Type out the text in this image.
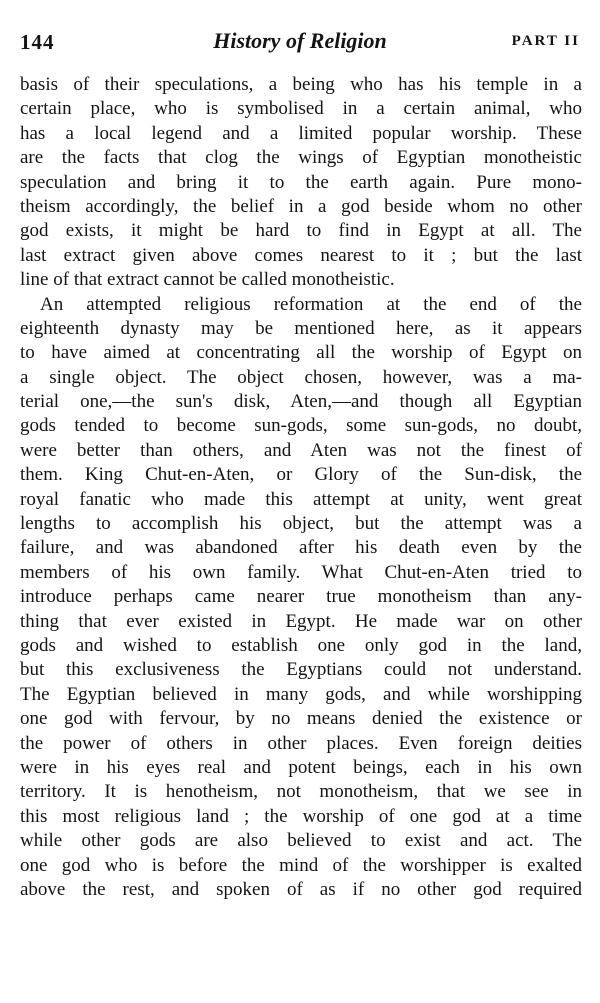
144	History of Religion	PART II
basis of their speculations, a being who has his temple in a
certain place, who is symbolised in a certain animal, who
has a local legend and a limited popular worship. These
are the facts that clog the wings of Egyptian monotheistic
speculation and bring it to the earth again. Pure mono-
theism accordingly, the belief in a god beside whom no other
god exists, it might be hard to find in Egypt at all. The
last extract given above comes nearest to it ; but the last
line of that extract cannot be called monotheistic.
An attempted religious reformation at the end of the
eighteenth dynasty may be mentioned here, as it appears
to have aimed at concentrating all the worship of Egypt on
a single object. The object chosen, however, was a ma-
terial one,—the sun's disk, Aten,—and though all Egyptian
gods tended to become sun-gods, some sun-gods, no doubt,
were better than others, and Aten was not the finest of
them. King Chut-en-Aten, or Glory of the Sun-disk, the
royal fanatic who made this attempt at unity, went great
lengths to accomplish his object, but the attempt was a
failure, and was abandoned after his death even by the
members of his own family. What Chut-en-Aten tried to
introduce perhaps came nearer true monotheism than any-
thing that ever existed in Egypt. He made war on other
gods and wished to establish one only god in the land,
but this exclusiveness the Egyptians could not understand.
The Egyptian believed in many gods, and while worshipping
one god with fervour, by no means denied the existence or
the power of others in other places. Even foreign deities
were in his eyes real and potent beings, each in his own
territory. It is henotheism, not monotheism, that we see in
this most religious land ; the worship of one god at a time
while other gods are also believed to exist and act. The
one god who is before the mind of the worshipper is exalted
above the rest, and spoken of as if no other god required
